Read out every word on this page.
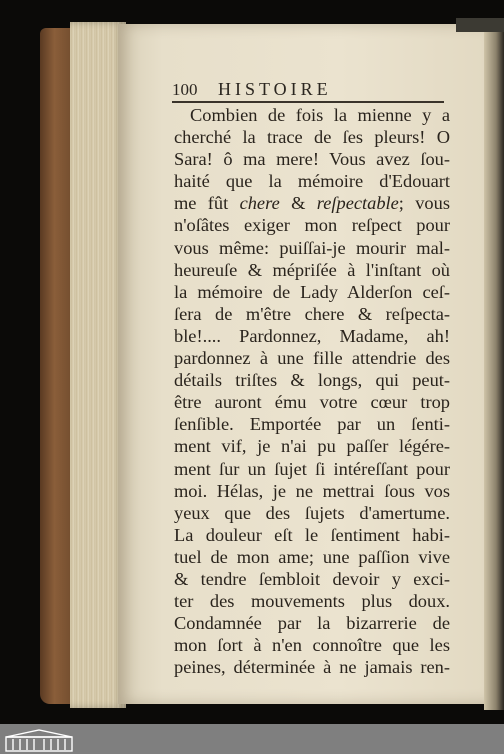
100	HISTOIRE
Combien de fois la mienne y a
cherché la trace de ſes pleurs! O
Sara! ô ma mere! Vous avez ſou-
haité que la mémoire d'Edouart
me fût chere & reſpectable; vous
n'oſâtes exiger mon reſpect pour
vous même: puiſſai-je mourir mal-
heureuſe & mépriſée à l'inſtant où
la mémoire de Lady Alderſon ceſ-
ſera de m'être chere & reſpecta-
ble!.... Pardonnez, Madame, ah!
pardonnez à une fille attendrie des
détails triſtes & longs, qui peut-
être auront ému votre cœur trop
ſenſible. Emportée par un ſenti-
ment vif, je n'ai pu paſſer légére-
ment ſur un ſujet ſi intéreſſant pour
moi. Hélas, je ne mettrai ſous vos
yeux que des ſujets d'amertume.
La douleur eſt le ſentiment habi-
tuel de mon ame; une paſſion vive
& tendre ſembloit devoir y exci-
ter des mouvements plus doux.
Condamnée par la bizarrerie de
mon ſort à n'en connoître que les
peines, déterminée à ne jamais ren-
